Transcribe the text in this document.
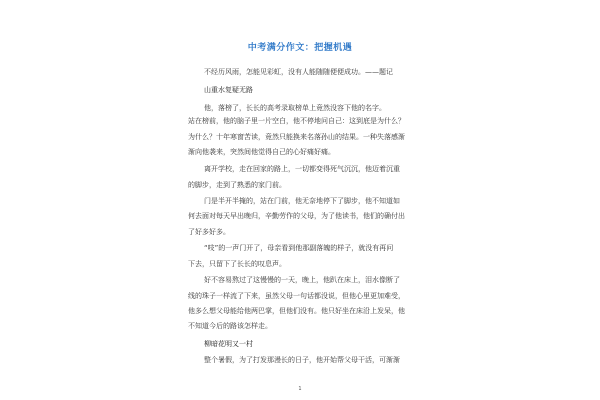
中考满分作文：把握机遇
不经历风雨，怎能见彩虹，没有人能随随便便成功。——题记
山重水复疑无路
他，落榜了，长长的高考录取榜单上竟然没容下他的名字。
站在榜前，他的脑子里一片空白，他不停地问自己：这到底是为什么？
为什么？十年寒窗苦读，竟然只能换来名落孙山的结果。一种失落感渐
渐向他袭来，突然间他觉得自己的心好痛好痛。
离开学校，走在回家的路上，一切都变得死气沉沉，他迈着沉重
的脚步，走到了熟悉的家门前。
门是半开半掩的，站在门前，他无奈地停下了脚步，他不知道如
何去面对每天早出晚归，辛勤劳作的父母，为了他读书，他们的确付出
了好多好多。
“吱”的一声门开了，母亲看到他那副落魄的样子，就没有再问
下去，只留下了长长的叹息声。
好不容易熬过了这慢慢的一天，晚上，他趴在床上，泪水像断了
线的珠子一样流了下来，虽然父母一句话都没说，但他心里更加难受，
他多么想父母能给他两巴掌，但他们没有。他只好坐在床沿上发呆，他
不知道今后的路该怎样走。
柳暗花明又一村
整个暑假，为了打发那漫长的日子，他开始帮父母干活，可渐渐
1
